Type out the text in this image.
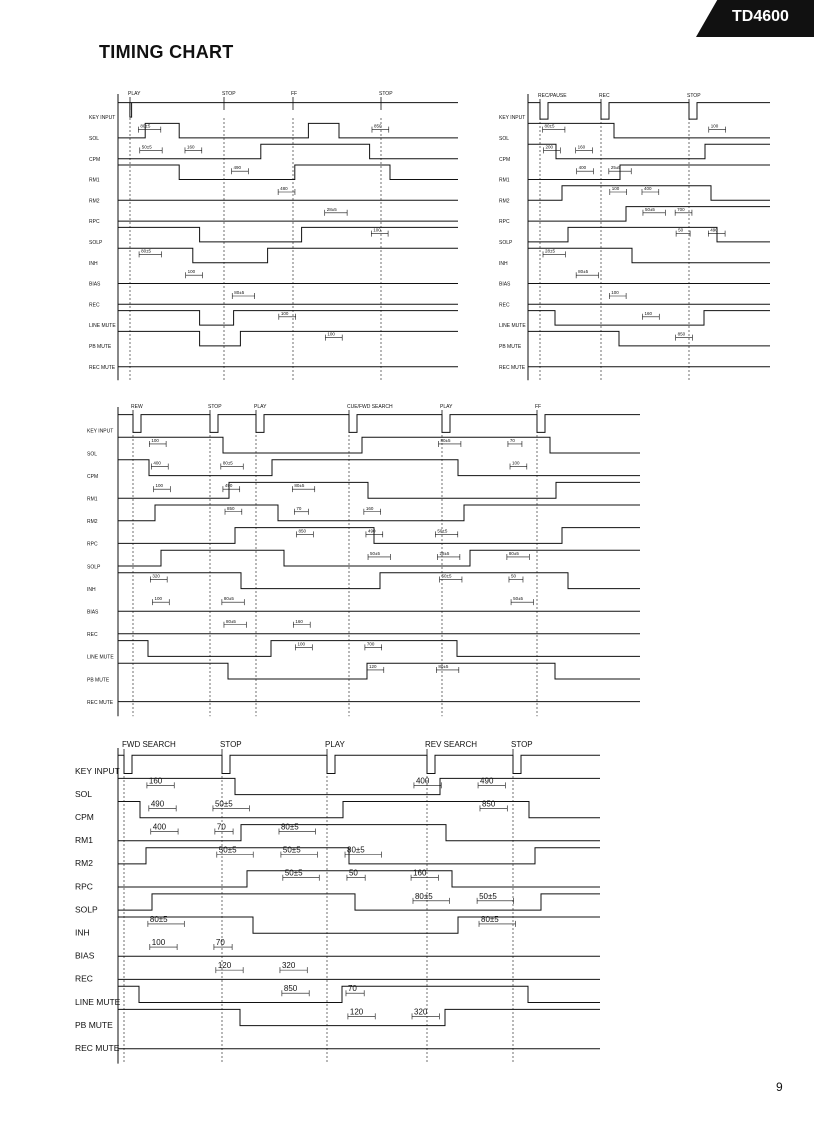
TD4600
TIMING CHART
9
PLAY	STOP	FF	STOP
KEY INPUT
SOL
CPM
RM1
RM2
RPC
SOLP
INH
BIAS
REC
LINE MUTE
PB MUTE
REC MUTE
80±5
160
490
480
28±5
100
80±5
100
80±5
100
100
850
50±5
REC/PAUSE	REC	STOP
KEY INPUT
SOL
CPM
RM1
RM2
RPC
SOLP
INH
BIAS
REC
LINE MUTE
PB MUTE
REC MUTE
80±5
160
25±5
400
700
490
28±5
80±5
100
160
850
100
200
400
100
50±5
50
REW	STOP	PLAY	CUE/FWD SEARCH	PLAY	FF
KEY INPUT
SOL
CPM
RM1
RM2
RPC
SOLP
INH
BIAS
REC
LINE MUTE
PB MUTE
REC MUTE
100
80±5
80±5
160
50±5
80±5
320
80±5
160
700
80±5
70
400
490
70
490
28±5
50
100
80±5
100
120
80±5
100
100
850
850
50±5
50±5
50±5
FWD SEARCH	STOP	PLAY	REV SEARCH	STOP
KEY INPUT
SOL
CPM
RM1
RM2
RPC
SOLP
INH
BIAS
REC
LINE MUTE
PB MUTE
REC MUTE
160
50±5
80±5
80±5
160
50±5
80±5
70
320
70
320
490
490
70
50±5
50
80±5
80±5
100
120
850
120
400
850
400
50±5
50±5
